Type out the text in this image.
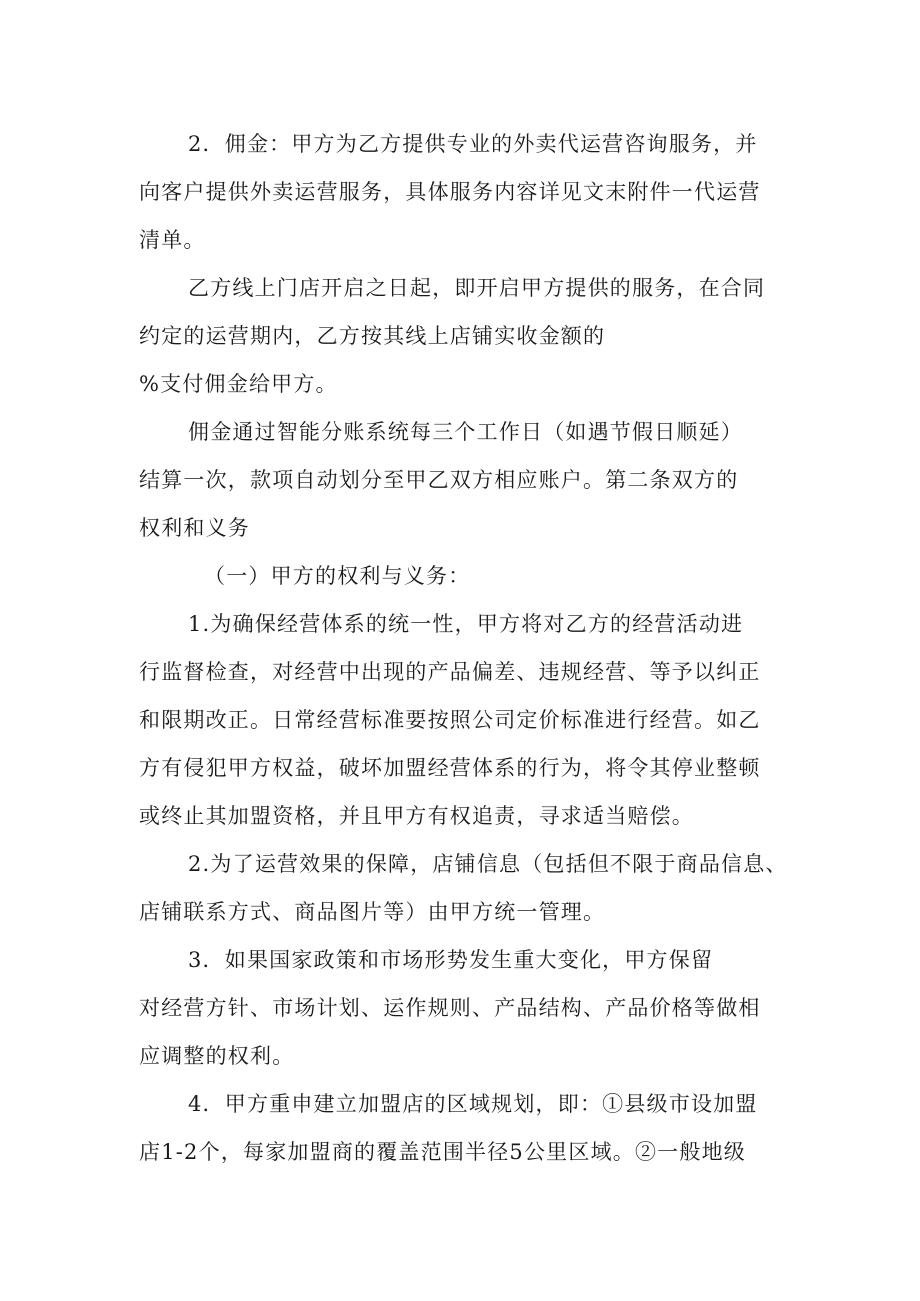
2．佣金：甲方为乙方提供专业的外卖代运营咨询服务，并
向客户提供外卖运营服务，具体服务内容详见文末附件一代运营
清单。
乙方线上门店开启之日起，即开启甲方提供的服务，在合同
约定的运营期内，乙方按其线上店铺实收金额的
%支付佣金给甲方。
佣金通过智能分账系统每三个工作日（如遇节假日顺延）
结算一次，款项自动划分至甲乙双方相应账户。第二条双方的
权利和义务
（一）甲方的权利与义务：
1.为确保经营体系的统一性，甲方将对乙方的经营活动进
行监督检查，对经营中出现的产品偏差、违规经营、等予以纠正
和限期改正。日常经营标准要按照公司定价标准进行经营。如乙
方有侵犯甲方权益，破坏加盟经营体系的行为，将令其停业整顿
或终止其加盟资格，并且甲方有权追责，寻求适当赔偿。
2.为了运营效果的保障，店铺信息（包括但不限于商品信息、
店铺联系方式、商品图片等）由甲方统一管理。
3．如果国家政策和市场形势发生重大变化，甲方保留
对经营方针、市场计划、运作规则、产品结构、产品价格等做相
应调整的权利。
4．甲方重申建立加盟店的区域规划，即：①县级市设加盟
店1-2个，每家加盟商的覆盖范围半径5公里区域。②一般地级
